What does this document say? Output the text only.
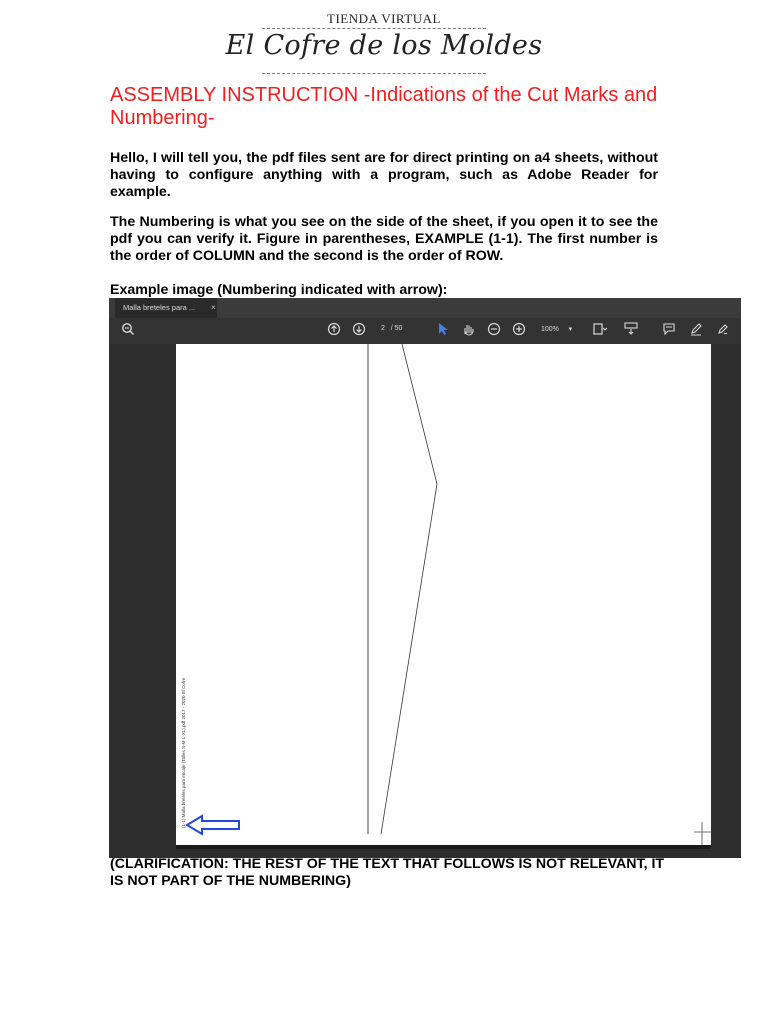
TIENDA VIRTUAL
El Cofre de los Moldes
ASSEMBLY INSTRUCTION -Indications of the Cut Marks and Numbering-
Hello, I will tell you, the pdf files sent are for direct printing on a4 sheets, without having to configure anything with a program, such as Adobe Reader for example.
The Numbering is what you see on the side of the sheet, if you open it to see the pdf you can verify it. Figure in parentheses, EXAMPLE (1-1). The first number is the order of COLUMN and the second is the order of ROW.
Example image (Numbering indicated with arrow):
Malla breteles para ... ×
2 / 50	100% ▾
(1-1) Malla breteles para encaje (Talles S-M-L-XL).pdf 2017 - 2020 El Cofre
(CLARIFICATION: THE REST OF THE TEXT THAT FOLLOWS IS NOT RELEVANT, IT IS NOT PART OF THE NUMBERING)
